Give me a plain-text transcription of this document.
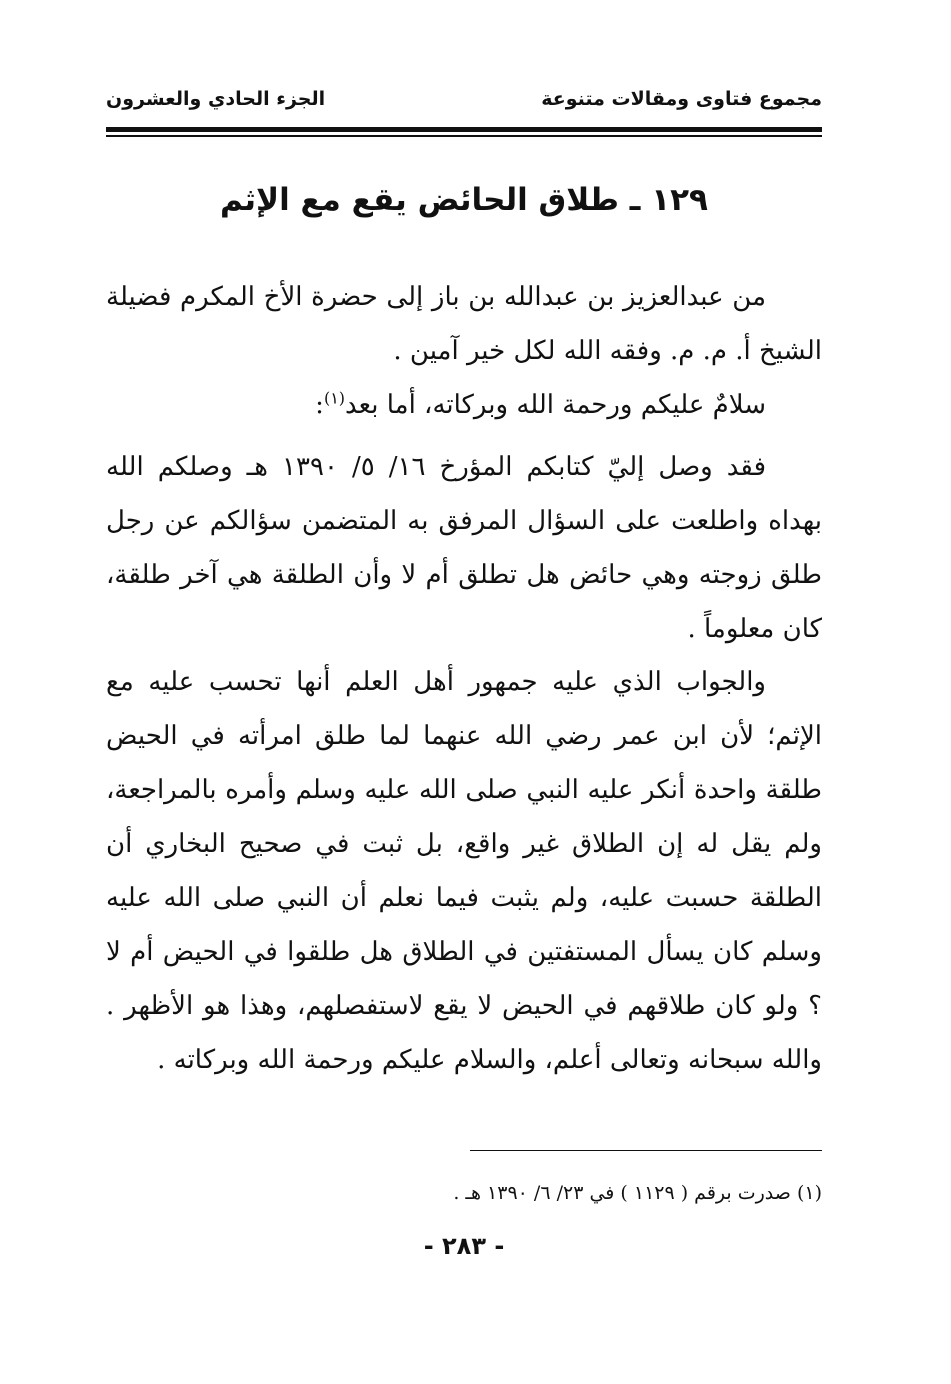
مجموع فتاوى ومقالات متنوعة
الجزء الحادي والعشرون
١٢٩ ـ طلاق الحائض يقع مع الإثم

من عبدالعزيز بن عبدالله بن باز إلى حضرة الأخ المكرم فضيلة الشيخ أ. م. م. وفقه الله لكل خير آمين .

سلامٌ عليكم ورحمة الله وبركاته، أما بعد$^{(١)}$:

فقد وصل إليّ كتابكم المؤرخ ١٦/ ٥/ ١٣٩٠ هـ وصلكم الله بهداه واطلعت على السؤال المرفق به المتضمن سؤالكم عن رجل طلق زوجته وهي حائض هل تطلق أم لا وأن الطلقة هي آخر طلقة، كان معلوماً .

والجواب الذي عليه جمهور أهل العلم أنها تحسب عليه مع الإثم؛ لأن ابن عمر رضي الله عنهما لما طلق امرأته في الحيض طلقة واحدة أنكر عليه النبي صلى الله عليه وسلم وأمره بالمراجعة، ولم يقل له إن الطلاق غير واقع، بل ثبت في صحيح البخاري أن الطلقة حسبت عليه، ولم يثبت فيما نعلم أن النبي صلى الله عليه وسلم كان يسأل المستفتين في الطلاق هل طلقوا في الحيض أم لا ؟ ولو كان طلاقهم في الحيض لا يقع لاستفصلهم، وهذا هو الأظهر . والله سبحانه وتعالى أعلم، والسلام عليكم ورحمة الله وبركاته .

(١) صدرت برقم ( ١١٢٩ ) في ٢٣/ ٦/ ١٣٩٠ هـ .
- ٢٨٣ -
